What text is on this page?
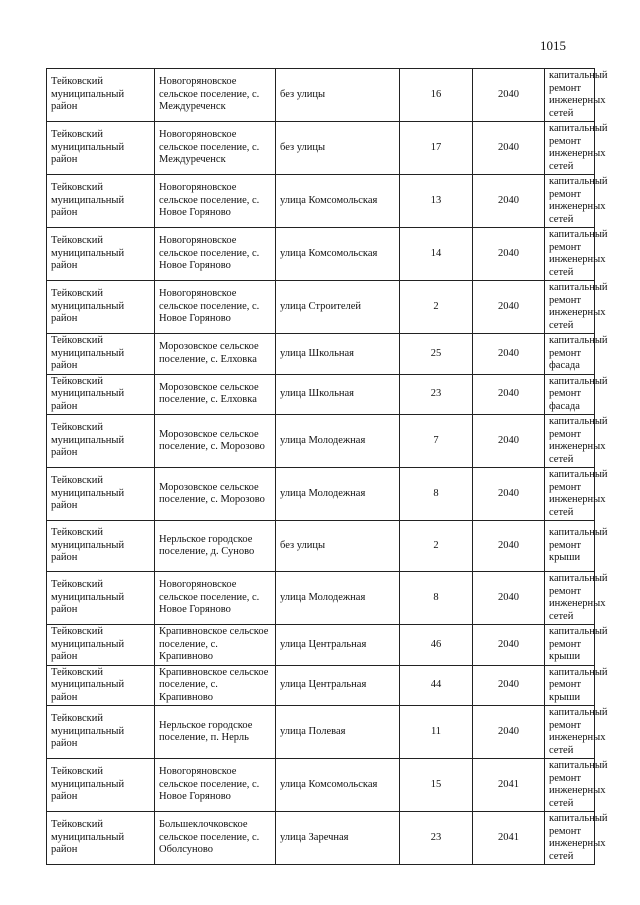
1015
Тейковский муниципальный район	Новогоряновское сельское поселение, с. Междуреченск	без улицы	16	2040	капитальный ремонт инженерных сетей
Тейковский муниципальный район	Новогоряновское сельское поселение, с. Междуреченск	без улицы	17	2040	капитальный ремонт инженерных сетей
Тейковский муниципальный район	Новогоряновское сельское поселение, с. Новое Горяново	улица Комсомольская	13	2040	капитальный ремонт инженерных сетей
Тейковский муниципальный район	Новогоряновское сельское поселение, с. Новое Горяново	улица Комсомольская	14	2040	капитальный ремонт инженерных сетей
Тейковский муниципальный район	Новогоряновское сельское поселение, с. Новое Горяново	улица Строителей	2	2040	капитальный ремонт инженерных сетей
Тейковский муниципальный район	Морозовское сельское поселение, с. Елховка	улица Школьная	25	2040	капитальный ремонт фасада
Тейковский муниципальный район	Морозовское сельское поселение, с. Елховка	улица Школьная	23	2040	капитальный ремонт фасада
Тейковский муниципальный район	Морозовское сельское поселение, с. Морозово	улица Молодежная	7	2040	капитальный ремонт инженерных сетей
Тейковский муниципальный район	Морозовское сельское поселение, с. Морозово	улица Молодежная	8	2040	капитальный ремонт инженерных сетей
Тейковский муниципальный район	Нерльское городское поселение, д. Суново	без улицы	2	2040	капитальный ремонт крыши
Тейковский муниципальный район	Новогоряновское сельское поселение, с. Новое Горяново	улица Молодежная	8	2040	капитальный ремонт инженерных сетей
Тейковский муниципальный район	Крапивновское сельское поселение, с. Крапивново	улица Центральная	46	2040	капитальный ремонт крыши
Тейковский муниципальный район	Крапивновское сельское поселение, с. Крапивново	улица Центральная	44	2040	капитальный ремонт крыши
Тейковский муниципальный район	Нерльское городское поселение, п. Нерль	улица Полевая	11	2040	капитальный ремонт инженерных сетей
Тейковский муниципальный район	Новогоряновское сельское поселение, с. Новое Горяново	улица Комсомольская	15	2041	капитальный ремонт инженерных сетей
Тейковский муниципальный район	Большеклочковское сельское поселение, с. Оболсуново	улица Заречная	23	2041	капитальный ремонт инженерных сетей
